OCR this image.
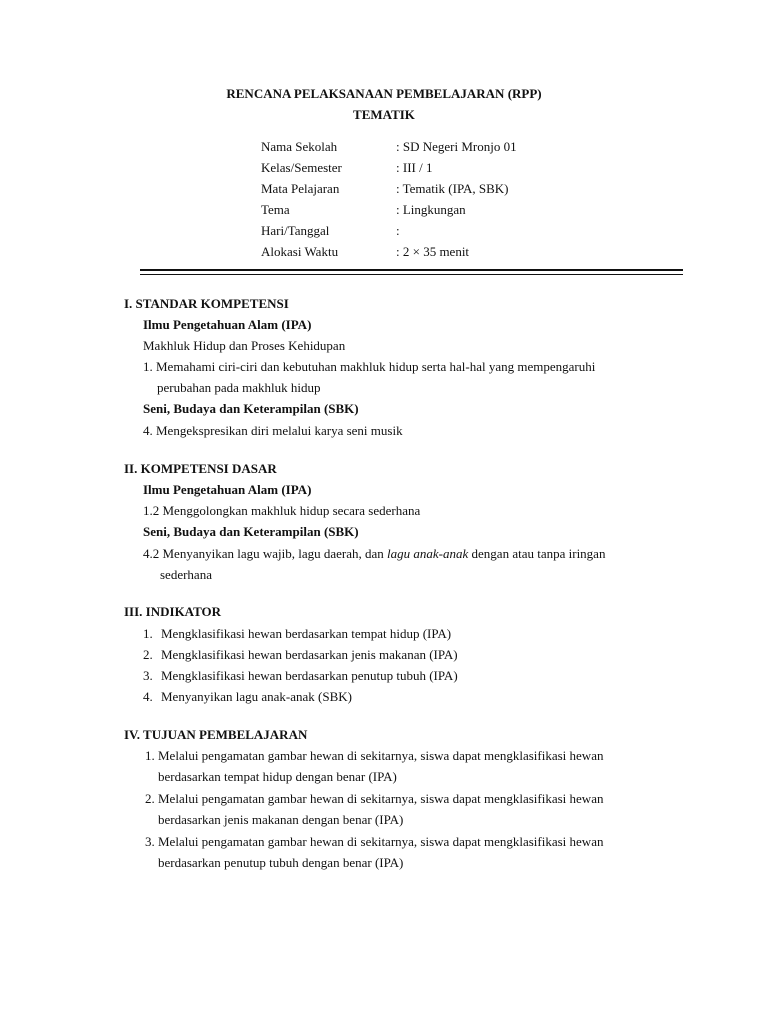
RENCANA PELAKSANAAN PEMBELAJARAN (RPP)
TEMATIK
Nama Sekolah	: SD Negeri Mronjo 01
Kelas/Semester	: III / 1
Mata Pelajaran	: Tematik (IPA, SBK)
Tema	: Lingkungan
Hari/Tanggal	:
Alokasi Waktu	: 2 × 35 menit
I. STANDAR KOMPETENSI
Ilmu Pengetahuan Alam (IPA)
Makhluk Hidup dan Proses Kehidupan
1. Memahami ciri-ciri dan kebutuhan makhluk hidup serta hal-hal yang mempengaruhi
perubahan pada makhluk hidup
Seni, Budaya dan Keterampilan (SBK)
4. Mengekspresikan diri melalui karya seni musik
II. KOMPETENSI DASAR
Ilmu Pengetahuan Alam (IPA)
1.2 Menggolongkan makhluk hidup secara sederhana
Seni, Budaya dan Keterampilan (SBK)
4.2 Menyanyikan lagu wajib, lagu daerah, dan lagu anak-anak dengan atau tanpa iringan
sederhana
III. INDIKATOR
1. Mengklasifikasi hewan berdasarkan tempat hidup (IPA)
2. Mengklasifikasi hewan berdasarkan jenis makanan (IPA)
3. Mengklasifikasi hewan berdasarkan penutup tubuh (IPA)
4. Menyanyikan lagu anak-anak (SBK)
IV. TUJUAN PEMBELAJARAN
1. Melalui pengamatan gambar hewan di sekitarnya, siswa dapat mengklasifikasi hewan
berdasarkan tempat hidup dengan benar (IPA)
2. Melalui pengamatan gambar hewan di sekitarnya, siswa dapat mengklasifikasi hewan
berdasarkan jenis makanan dengan benar (IPA)
3. Melalui pengamatan gambar hewan di sekitarnya, siswa dapat mengklasifikasi hewan
berdasarkan penutup tubuh dengan benar (IPA)
